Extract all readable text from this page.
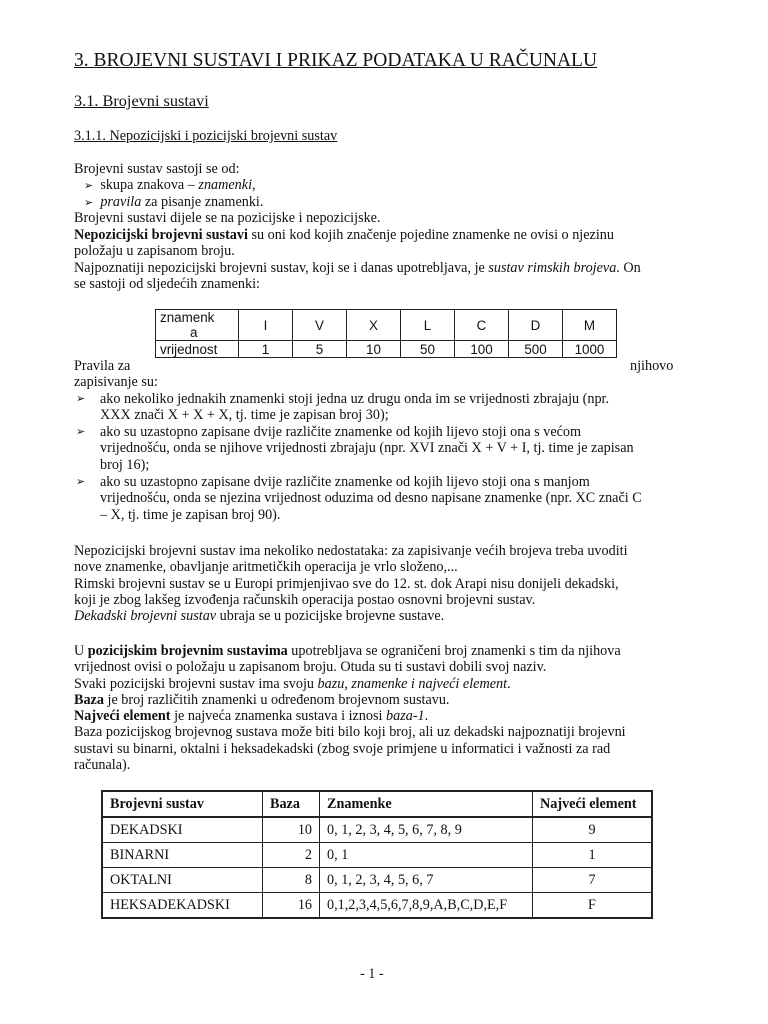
3. BROJEVNI SUSTAVI I PRIKAZ PODATAKA U RAČUNALU
3.1. Brojevni sustavi
3.1.1. Nepozicijski i pozicijski brojevni sustav
Brojevni sustav sastoji se od:
➢ skupa znakova – znamenki,
➢ pravila za pisanje znamenki.
Brojevni sustavi dijele se na pozicijske i nepozicijske.
Nepozicijski brojevni sustavi su oni kod kojih značenje pojedine znamenke ne ovisi o njezinu
položaju u zapisanom broju.
Najpoznatiji nepozicijski brojevni sustav, koji se i danas upotrebljava, je sustav rimskih brojeva. On
se sastoji od sljedećih znamenki:
znamenk
a	I	V	X	L	C	D	M
vrijednost	1	5	10	50	100	500	1000
Pravila za	njihovo
zapisivanje su:
➢ ako nekoliko jednakih znamenki stoji jedna uz drugu onda im se vrijednosti zbrajaju (npr.
XXX znači X + X + X, tj. time je zapisan broj 30);
➢ ako su uzastopno zapisane dvije različite znamenke od kojih lijevo stoji ona s većom
vrijednošću, onda se njihove vrijednosti zbrajaju (npr. XVI znači X + V + I, tj. time je zapisan
broj 16);
➢ ako su uzastopno zapisane dvije različite znamenke od kojih lijevo stoji ona s manjom
vrijednošću, onda se njezina vrijednost oduzima od desno napisane znamenke (npr. XC znači C
– X, tj. time je zapisan broj 90).
Nepozicijski brojevni sustav ima nekoliko nedostataka: za zapisivanje većih brojeva treba uvoditi
nove znamenke, obavljanje aritmetičkih operacija je vrlo složeno,...
Rimski brojevni sustav se u Europi primjenjivao sve do 12. st. dok Arapi nisu donijeli dekadski,
koji je zbog lakšeg izvođenja računskih operacija postao osnovni brojevni sustav.
Dekadski brojevni sustav ubraja se u pozicijske brojevne sustave.
U pozicijskim brojevnim sustavima upotrebljava se ograničeni broj znamenki s tim da njihova
vrijednost ovisi o položaju u zapisanom broju. Otuda su ti sustavi dobili svoj naziv.
Svaki pozicijski brojevni sustav ima svoju bazu, znamenke i najveći element.
Baza je broj različitih znamenki u određenom brojevnom sustavu.
Najveći element je najveća znamenka sustava i iznosi baza-1.
Baza pozicijskog brojevnog sustava može biti bilo koji broj, ali uz dekadski najpoznatiji brojevni
sustavi su binarni, oktalni i heksadekadski (zbog svoje primjene u informatici i važnosti za rad
računala).
Brojevni sustav	Baza	Znamenke	Najveći element
DEKADSKI	10	0, 1, 2, 3, 4, 5, 6, 7, 8, 9	9
BINARNI	2	0, 1	1
OKTALNI	8	0, 1, 2, 3, 4, 5, 6, 7	7
HEKSADEKADSKI	16	0,1,2,3,4,5,6,7,8,9,A,B,C,D,E,F	F
- 1 -
